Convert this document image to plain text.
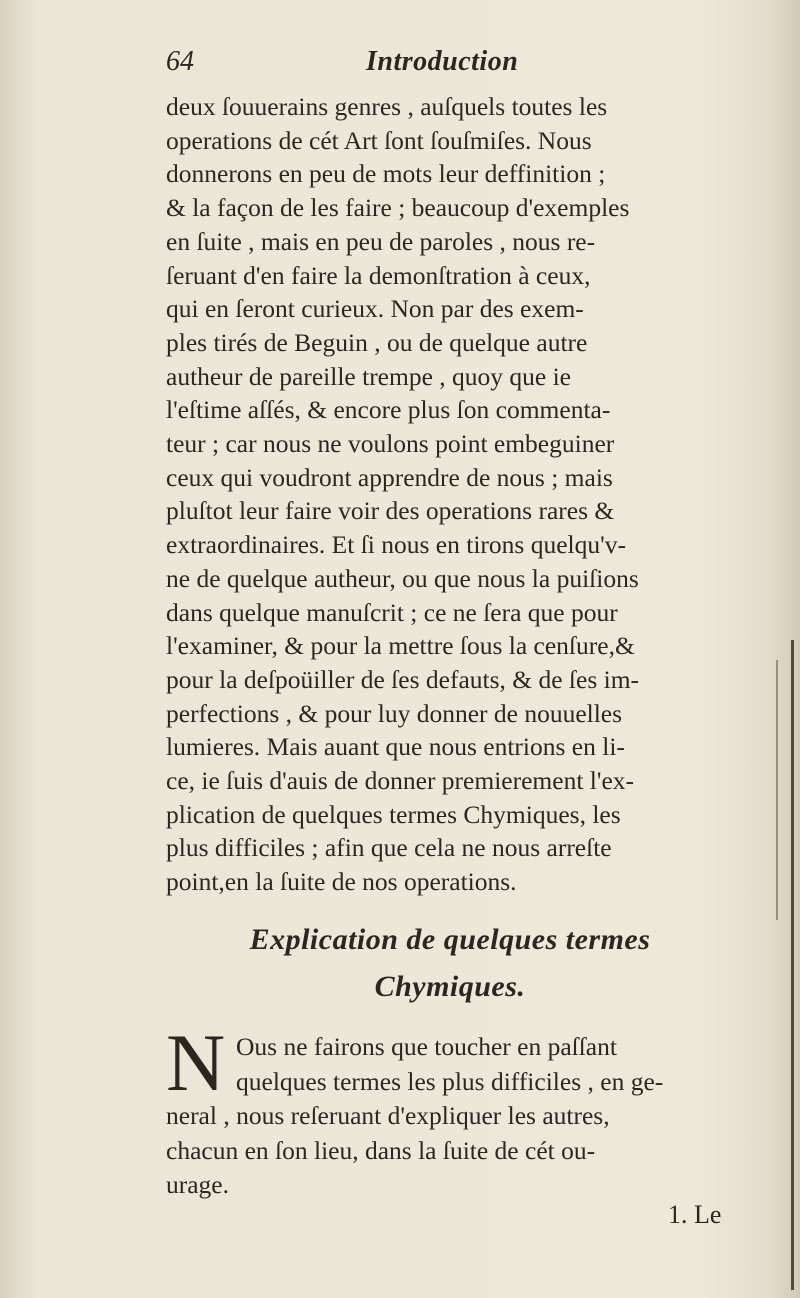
64	Introduction
deux ſouuerains genres , auſquels toutes les
operations de cét Art ſont ſouſmiſes. Nous
donnerons en peu de mots leur deffinition ;
& la façon de les faire ; beaucoup d'exemples
en ſuite , mais en peu de paroles , nous re-
ſeruant d'en faire la demonſtration à ceux,
qui en ſeront curieux. Non par des exem-
ples tirés de Beguin , ou de quelque autre
autheur de pareille trempe , quoy que ie
l'eſtime aſſés, & encore plus ſon commenta-
teur ; car nous ne voulons point embeguiner
ceux qui voudront apprendre de nous ; mais
pluſtot leur faire voir des operations rares &
extraordinaires. Et ſi nous en tirons quelqu'v-
ne de quelque autheur, ou que nous la puiſions
dans quelque manuſcrit ; ce ne ſera que pour
l'examiner, & pour la mettre ſous la cenſure,&
pour la deſpoüiller de ſes defauts, & de ſes im-
perfections , & pour luy donner de nouuelles
lumieres. Mais auant que nous entrions en li-
ce, ie ſuis d'auis de donner premierement l'ex-
plication de quelques termes Chymiques, les
plus difficiles ; afin que cela ne nous arreſte
point,en la ſuite de nos operations.
Explication de quelques termes
Chymiques.
N Ous ne fairons que toucher en paſſant
quelques termes les plus difficiles , en ge-
neral , nous reſeruant d'expliquer les autres,
chacun en ſon lieu, dans la ſuite de cét ou-
urage.
1. Le
